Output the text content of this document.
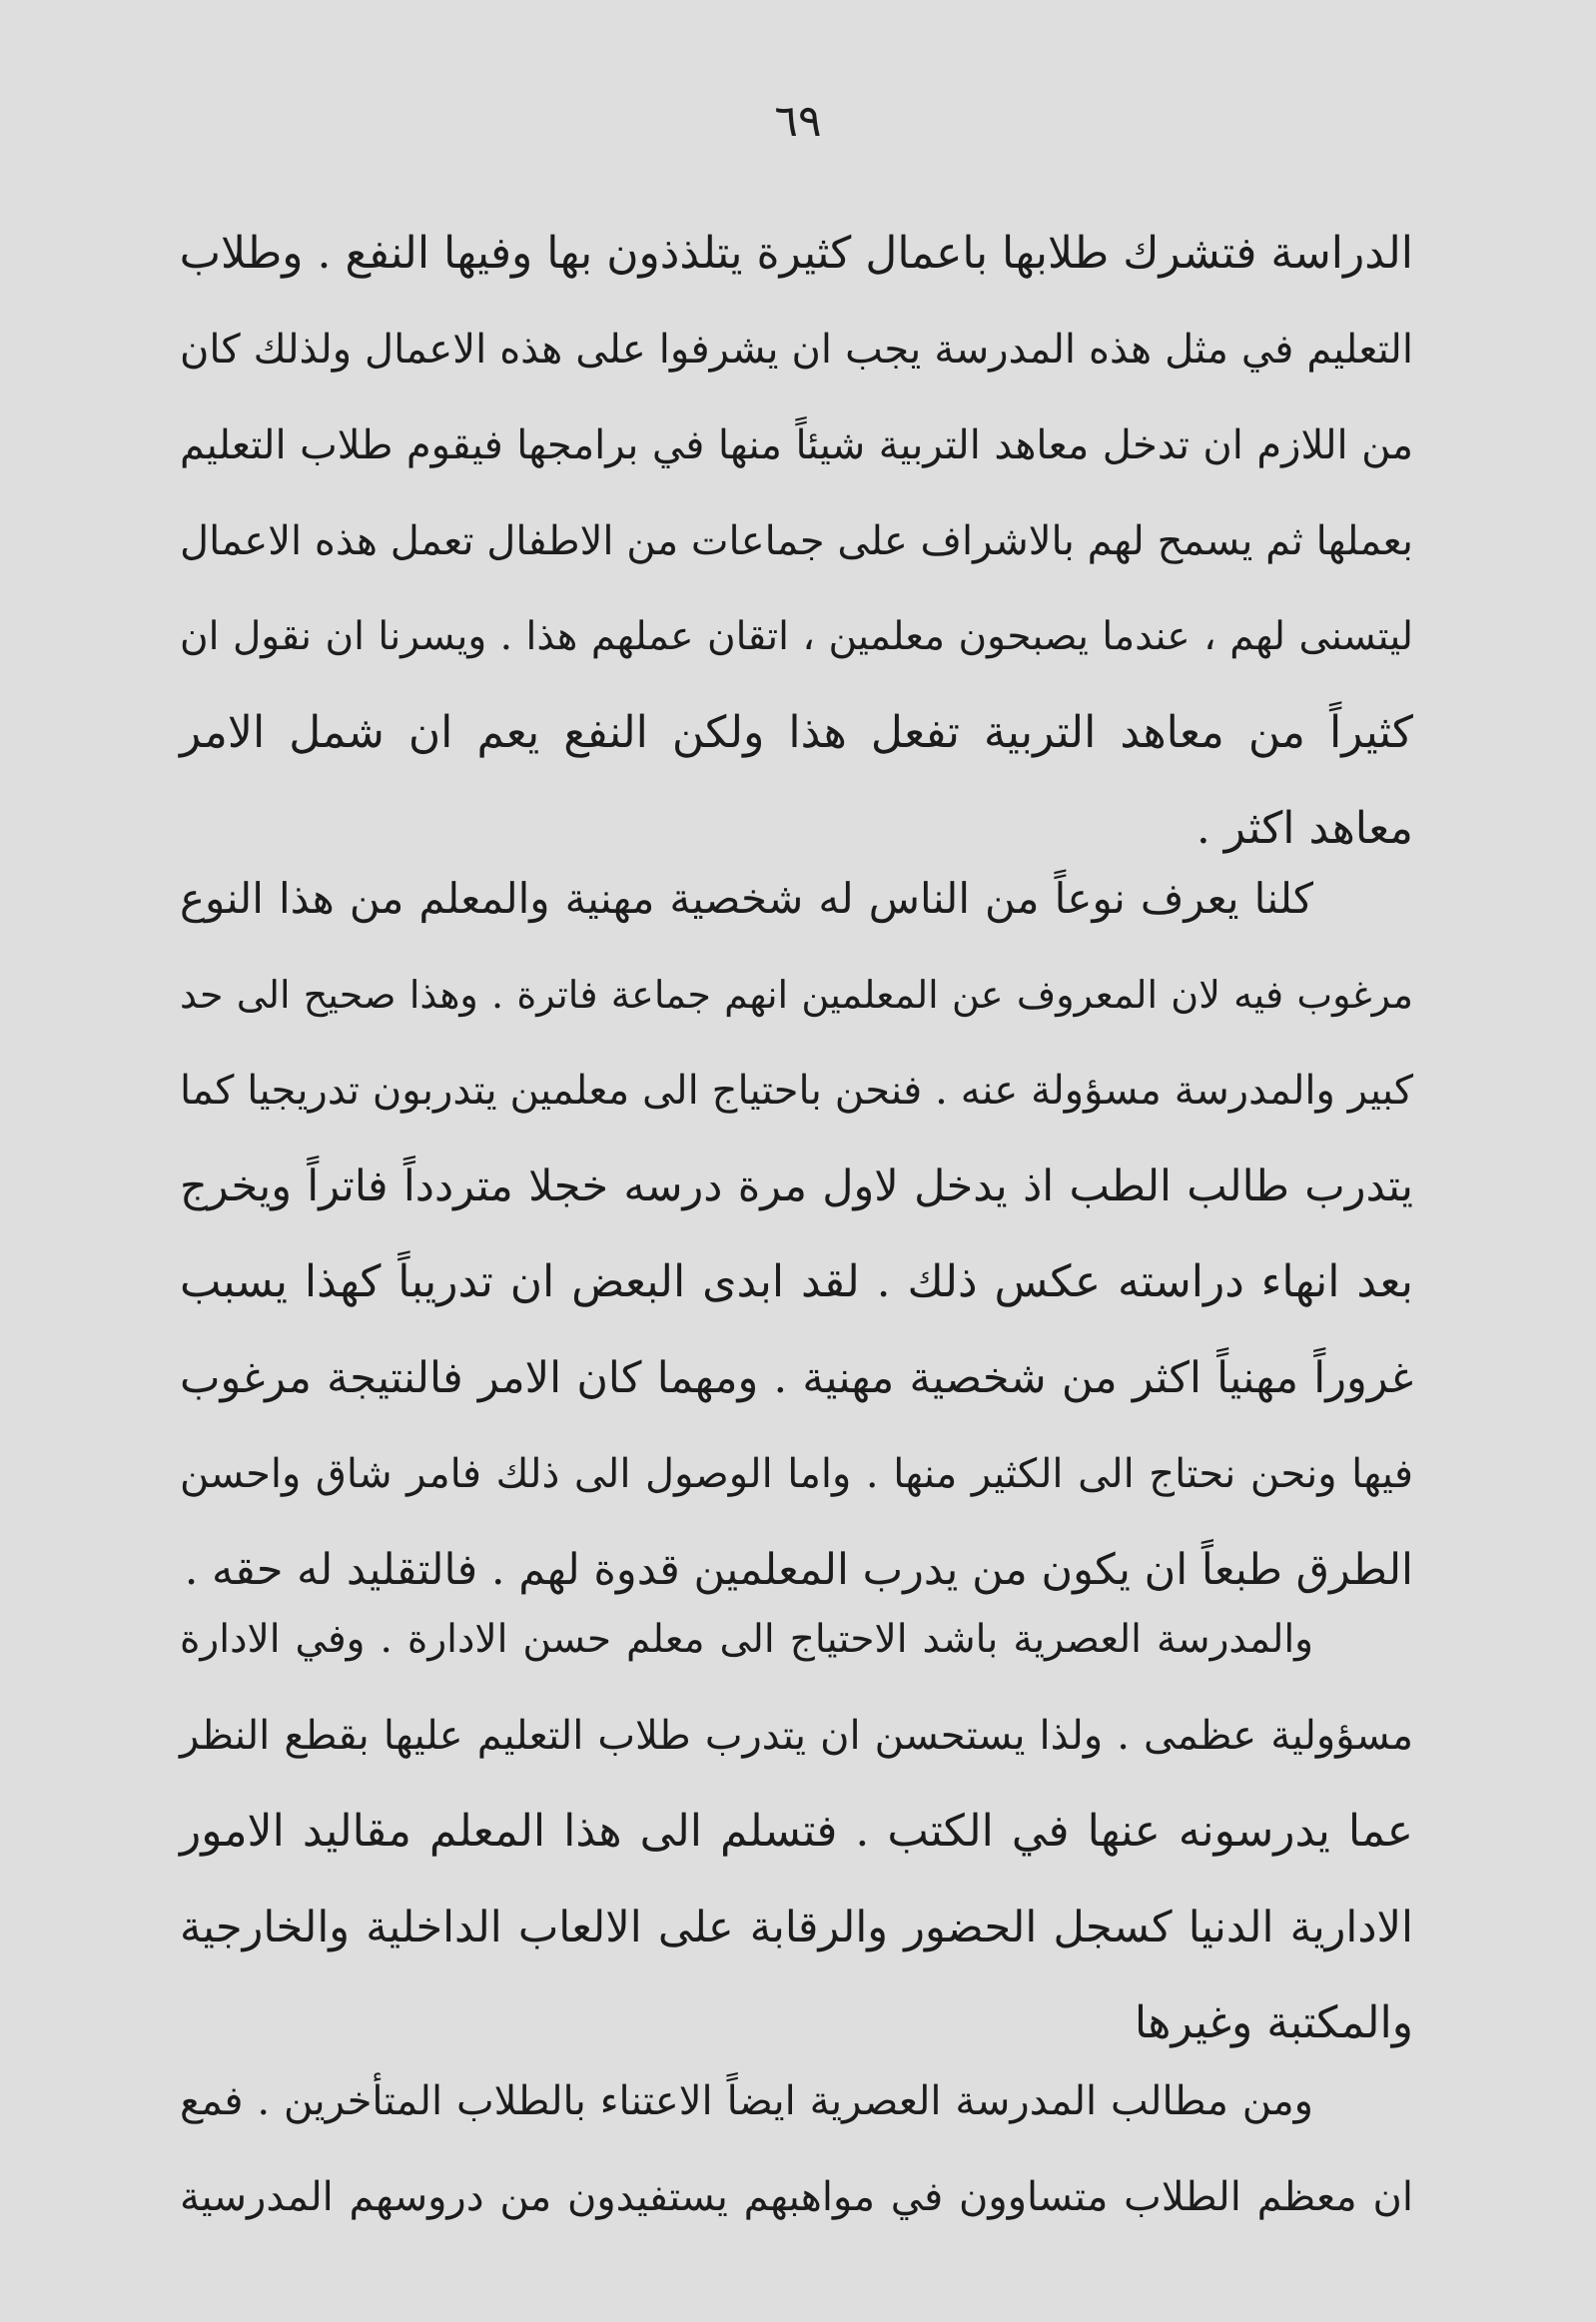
٦٩
الدراسة فتشرك طلابها باعمال كثيرة يتلذذون بها وفيها النفع . وطلاب
التعليم في مثل هذه المدرسة يجب ان يشرفوا على هذه الاعمال ولذلك كان
من اللازم ان تدخل معاهد التربية شيئاً منها في برامجها فيقوم طلاب التعليم
بعملها ثم يسمح لهم بالاشراف على جماعات من الاطفال تعمل هذه الاعمال
ليتسنى لهم ، عندما يصبحون معلمين ، اتقان عملهم هذا . ويسرنا ان نقول ان
كثيراً من معاهد التربية تفعل هذا ولكن النفع يعم ان شمل الامر
معاهد اكثر .
كلنا يعرف نوعاً من الناس له شخصية مهنية والمعلم من هذا النوع
مرغوب فيه لان المعروف عن المعلمين انهم جماعة فاترة . وهذا صحيح الى حد
كبير والمدرسة مسؤولة عنه . فنحن باحتياج الى معلمين يتدربون تدريجيا كما
يتدرب طالب الطب اذ يدخل لاول مرة درسه خجلا متردداً فاتراً ويخرج
بعد انهاء دراسته عكس ذلك . لقد ابدى البعض ان تدريباً كهذا يسبب
غروراً مهنياً اكثر من شخصية مهنية . ومهما كان الامر فالنتيجة مرغوب
فيها ونحن نحتاج الى الكثير منها . واما الوصول الى ذلك فامر شاق واحسن
الطرق طبعاً ان يكون من يدرب المعلمين قدوة لهم . فالتقليد له حقه .
والمدرسة العصرية باشد الاحتياج الى معلم حسن الادارة . وفي الادارة
مسؤولية عظمى . ولذا يستحسن ان يتدرب طلاب التعليم عليها بقطع النظر
عما يدرسونه عنها في الكتب . فتسلم الى هذا المعلم مقاليد الامور
الادارية الدنيا كسجل الحضور والرقابة على الالعاب الداخلية والخارجية
والمكتبة وغيرها
ومن مطالب المدرسة العصرية ايضاً الاعتناء بالطلاب المتأخرين . فمع
ان معظم الطلاب متساوون في مواهبهم يستفيدون من دروسهم المدرسية
